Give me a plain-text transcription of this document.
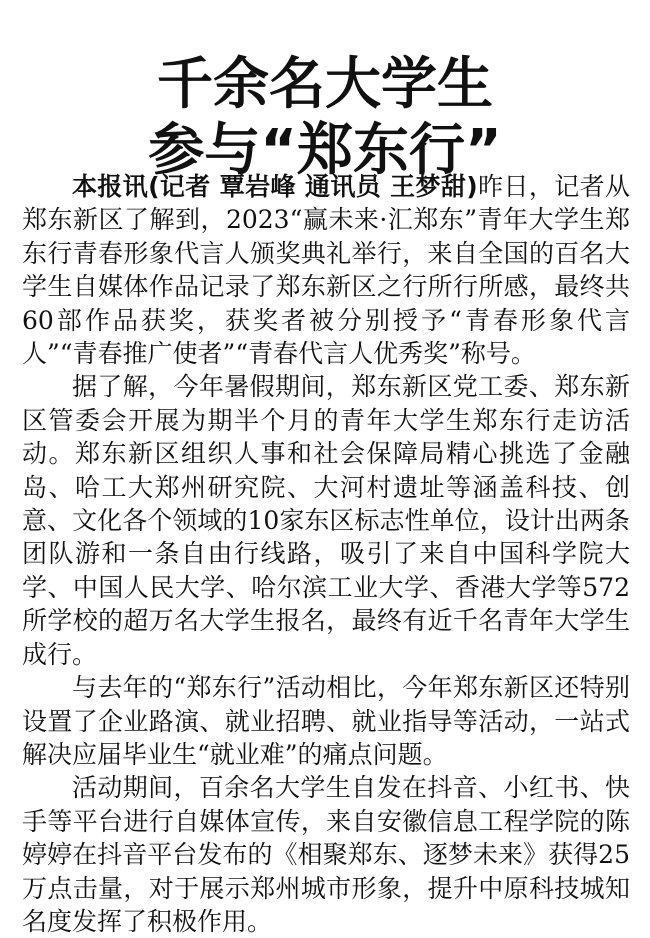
千余名大学生
参与“郑东行”

本报讯(记者 覃岩峰 通讯员 王梦甜)昨日，记者从郑东新区了解到，2023“赢未来·汇郑东”青年大学生郑东行青春形象代言人颁奖典礼举行，来自全国的百名大学生自媒体作品记录了郑东新区之行所行所感，最终共60部作品获奖，获奖者被分别授予“青春形象代言人”“青春推广使者”“青春代言人优秀奖”称号。

据了解，今年暑假期间，郑东新区党工委、郑东新区管委会开展为期半个月的青年大学生郑东行走访活动。郑东新区组织人事和社会保障局精心挑选了金融岛、哈工大郑州研究院、大河村遗址等涵盖科技、创意、文化各个领域的10家东区标志性单位，设计出两条团队游和一条自由行线路，吸引了来自中国科学院大学、中国人民大学、哈尔滨工业大学、香港大学等572所学校的超万名大学生报名，最终有近千名青年大学生成行。

与去年的“郑东行”活动相比，今年郑东新区还特别设置了企业路演、就业招聘、就业指导等活动，一站式解决应届毕业生“就业难”的痛点问题。

活动期间，百余名大学生自发在抖音、小红书、快手等平台进行自媒体宣传，来自安徽信息工程学院的陈婷婷在抖音平台发布的《相聚郑东、逐梦未来》获得25万点击量，对于展示郑州城市形象，提升中原科技城知名度发挥了积极作用。
